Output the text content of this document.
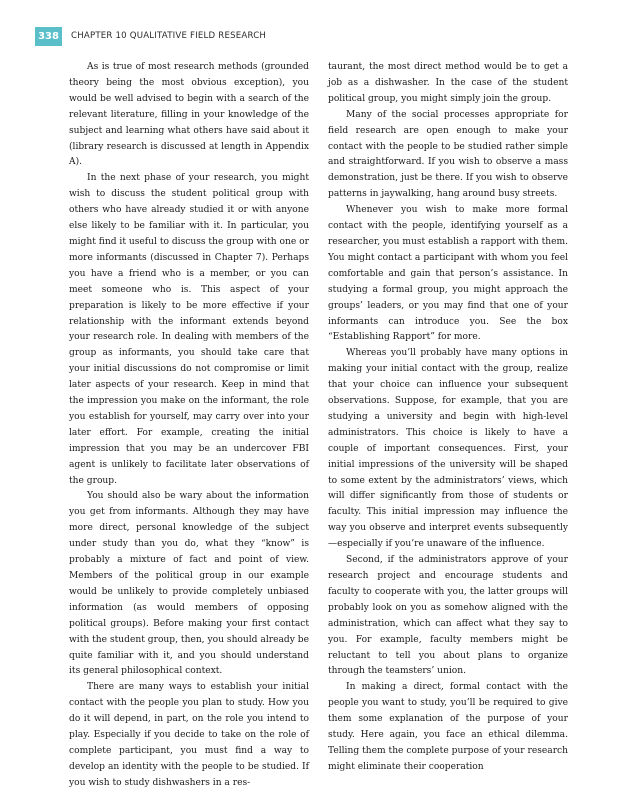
338	CHAPTER 10 QUALITATIVE FIELD RESEARCH

As is true of most research methods (grounded theory being the most obvious exception), you would be well advised to begin with a search of the relevant literature, filling in your knowledge of the subject and learning what others have said about it (library research is discussed at length in Appendix A).

In the next phase of your research, you might wish to discuss the student political group with others who have already studied it or with anyone else likely to be familiar with it. In particular, you might find it useful to discuss the group with one or more informants (discussed in Chapter 7). Perhaps you have a friend who is a member, or you can meet someone who is. This aspect of your preparation is likely to be more effective if your relationship with the informant extends beyond your research role. In dealing with members of the group as informants, you should take care that your initial discussions do not compromise or limit later aspects of your research. Keep in mind that the impression you make on the informant, the role you establish for yourself, may carry over into your later effort. For example, creating the initial impression that you may be an undercover FBI agent is unlikely to facilitate later observations of the group.

You should also be wary about the information you get from informants. Although they may have more direct, personal knowledge of the subject under study than you do, what they “know” is probably a mixture of fact and point of view. Members of the political group in our example would be unlikely to provide completely unbiased information (as would members of opposing political groups). Before making your first contact with the student group, then, you should already be quite familiar with it, and you should understand its general philosophical context.

There are many ways to establish your initial contact with the people you plan to study. How you do it will depend, in part, on the role you intend to play. Especially if you decide to take on the role of complete participant, you must find a way to develop an identity with the people to be studied. If you wish to study dishwashers in a res-

taurant, the most direct method would be to get a job as a dishwasher. In the case of the student political group, you might simply join the group.

Many of the social processes appropriate for field research are open enough to make your contact with the people to be studied rather simple and straightforward. If you wish to observe a mass demonstration, just be there. If you wish to observe patterns in jaywalking, hang around busy streets.

Whenever you wish to make more formal contact with the people, identifying yourself as a researcher, you must establish a rapport with them. You might contact a participant with whom you feel comfortable and gain that person’s assistance. In studying a formal group, you might approach the groups’ leaders, or you may find that one of your informants can introduce you. See the box “Establishing Rapport” for more.

Whereas you’ll probably have many options in making your initial contact with the group, realize that your choice can influence your subsequent observations. Suppose, for example, that you are studying a university and begin with high-level administrators. This choice is likely to have a couple of important consequences. First, your initial impressions of the university will be shaped to some extent by the administrators’ views, which will differ significantly from those of students or faculty. This initial impression may influence the way you observe and interpret events subsequently—especially if you’re unaware of the influence.

Second, if the administrators approve of your research project and encourage students and faculty to cooperate with you, the latter groups will probably look on you as somehow aligned with the administration, which can affect what they say to you. For example, faculty members might be reluctant to tell you about plans to organize through the teamsters’ union.

In making a direct, formal contact with the people you want to study, you’ll be required to give them some explanation of the purpose of your study. Here again, you face an ethical dilemma. Telling them the complete purpose of your research might eliminate their cooperation
